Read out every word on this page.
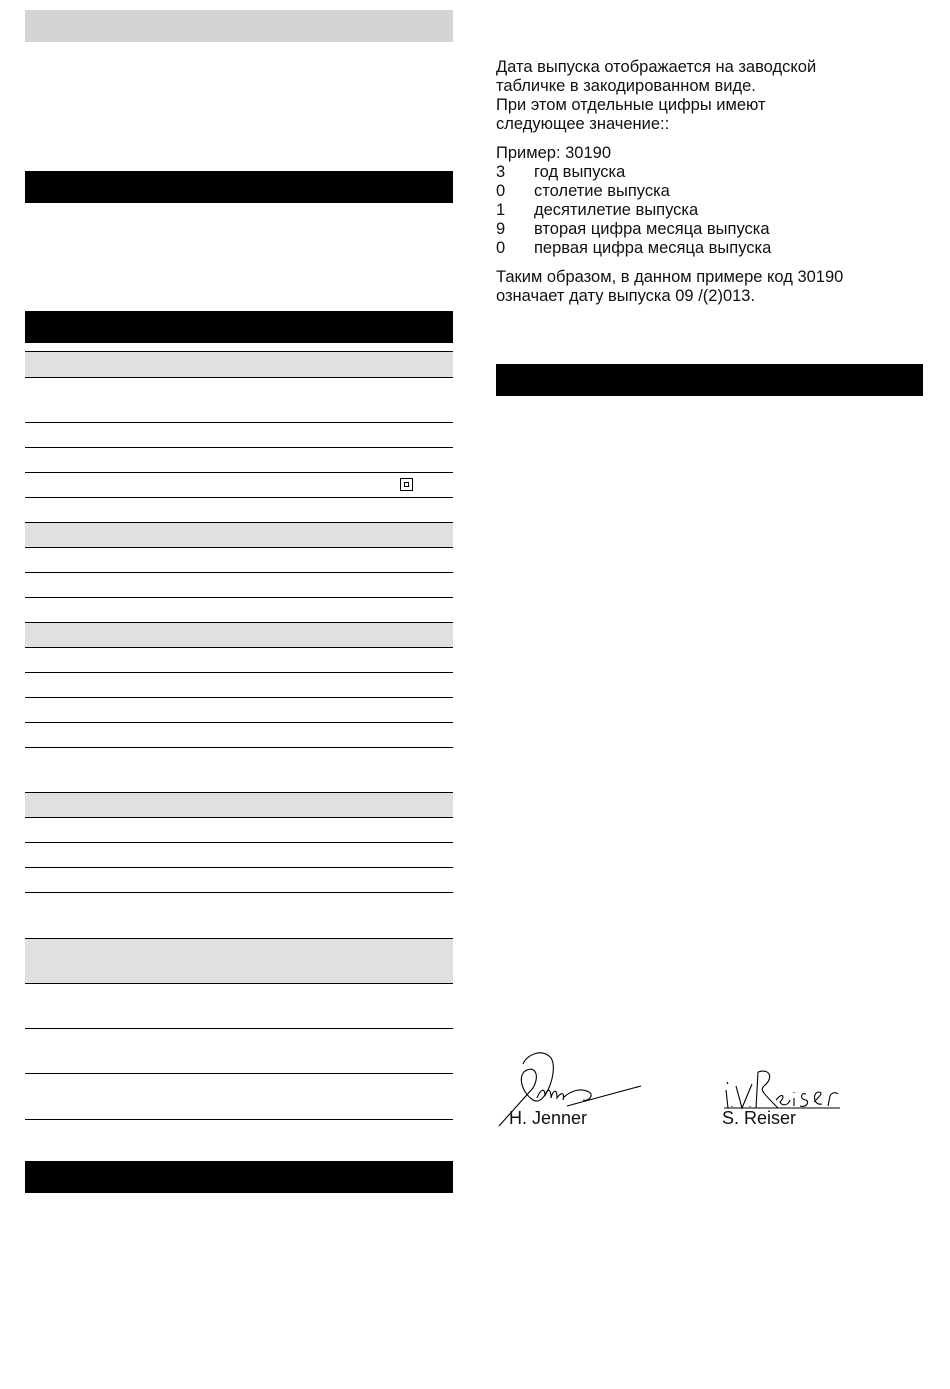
Дата выпуска отображается на заводской

табличке в закодированном виде.

При этом отдельные цифры имеют

следующее значение::

Пример: 30190

3	год выпуска
0	столетие выпуска
1	десятилетие выпуска
9	вторая цифра месяца выпуска
0	первая цифра месяца выпуска

Таким образом, в данном примере код 30190

означает дату выпуска 09 /(2)013.

H. Jenner	S. Reiser
